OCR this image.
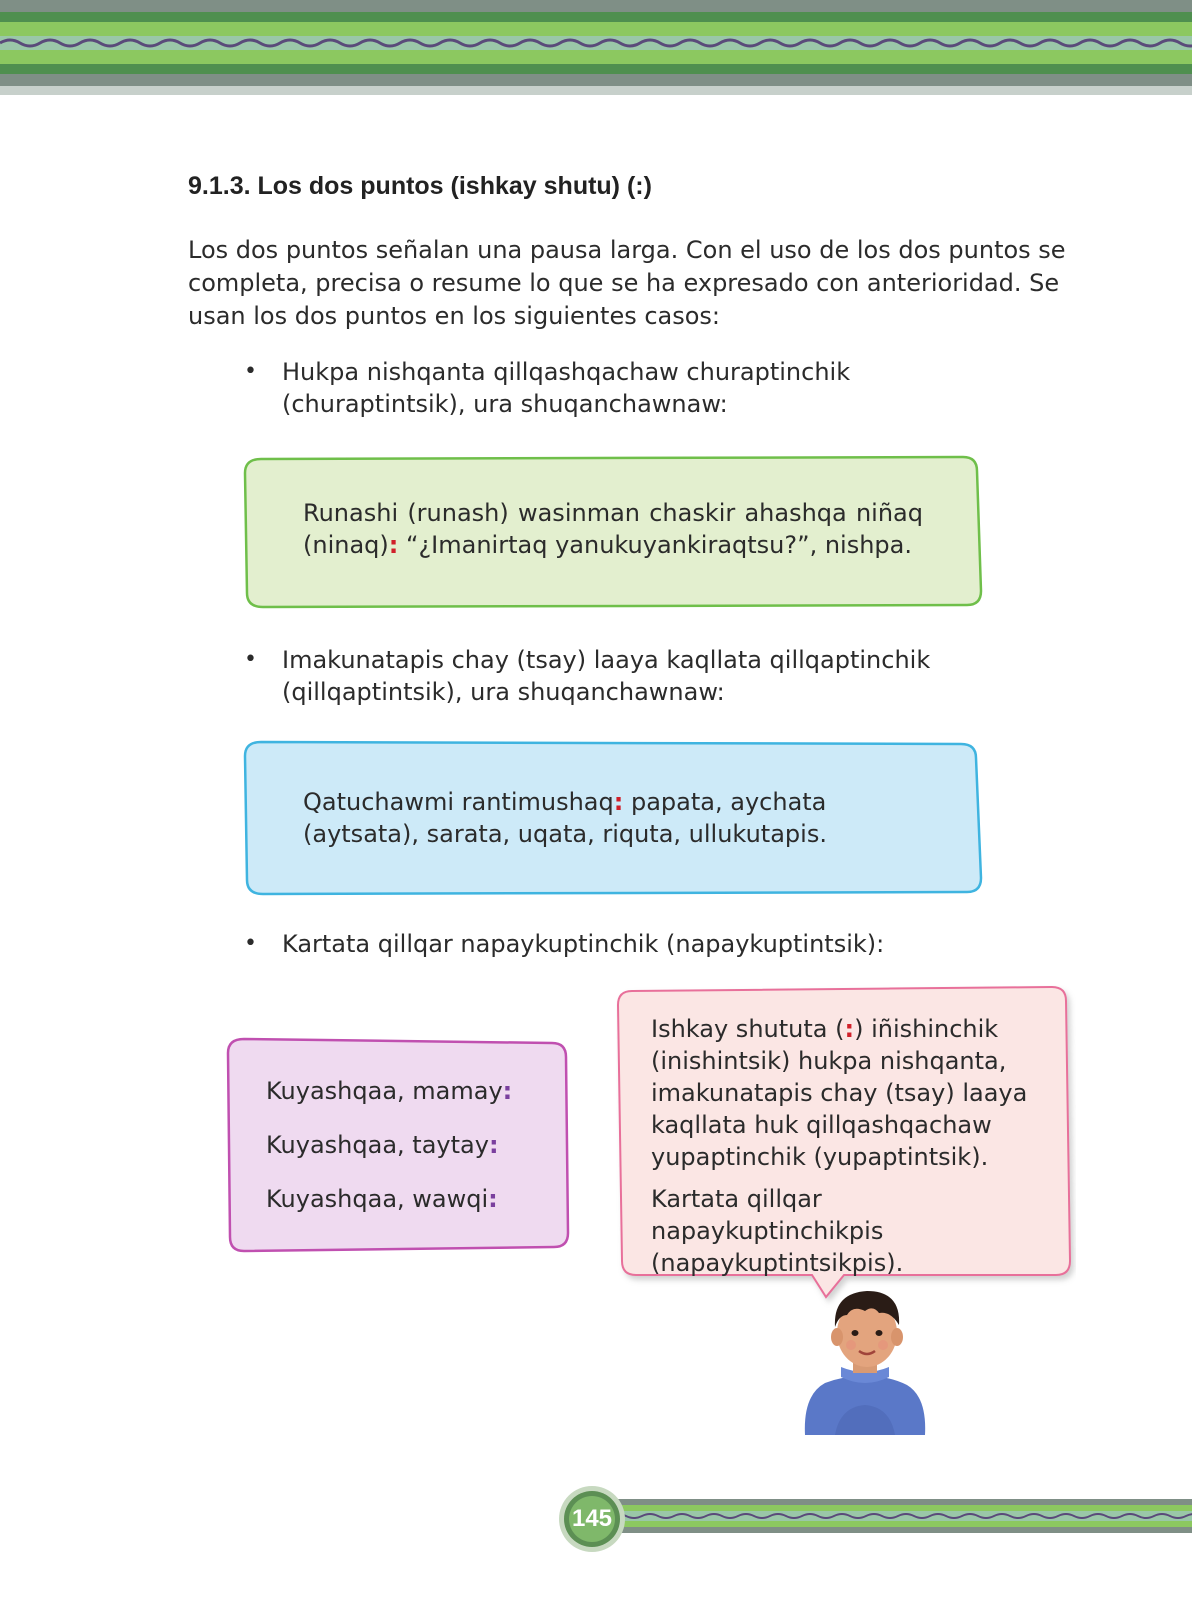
9.1.3. Los dos puntos (ishkay shutu) (:)
Los dos puntos señalan una pausa larga. Con el uso de los dos puntos se completa, precisa o resume lo que se ha expresado con anterioridad. Se usan los dos puntos en los siguientes casos:
•	Hukpa nishqanta qillqashqachaw churaptinchik (churaptintsik), ura shuqanchawnaw:
Runashi (runash) wasinman chaskir ahashqa niñaq (ninaq): “¿Imanirtaq yanukuyankiraqtsu?”, nishpa.
•	Imakunatapis chay (tsay) laaya kaqllata qillqaptinchik (qillqaptintsik), ura shuqanchawnaw:
Qatuchawmi rantimushaq: papata, aychata (aytsata), sarata, uqata, riquta, ullukutapis.
•	Kartata qillqar napaykuptinchik (napaykuptintsik):
Kuyashqaa, mamay:
Kuyashqaa, taytay:
Kuyashqaa, wawqi:

Ishkay shututa (:) iñishinchik (inishintsik) hukpa nishqanta, imakunatapis chay (tsay) laaya kaqllata huk qillqashqachaw yupaptinchik (yupaptintsik).

Kartata qillqar napaykuptinchikpis (napaykuptintsikpis).

145
